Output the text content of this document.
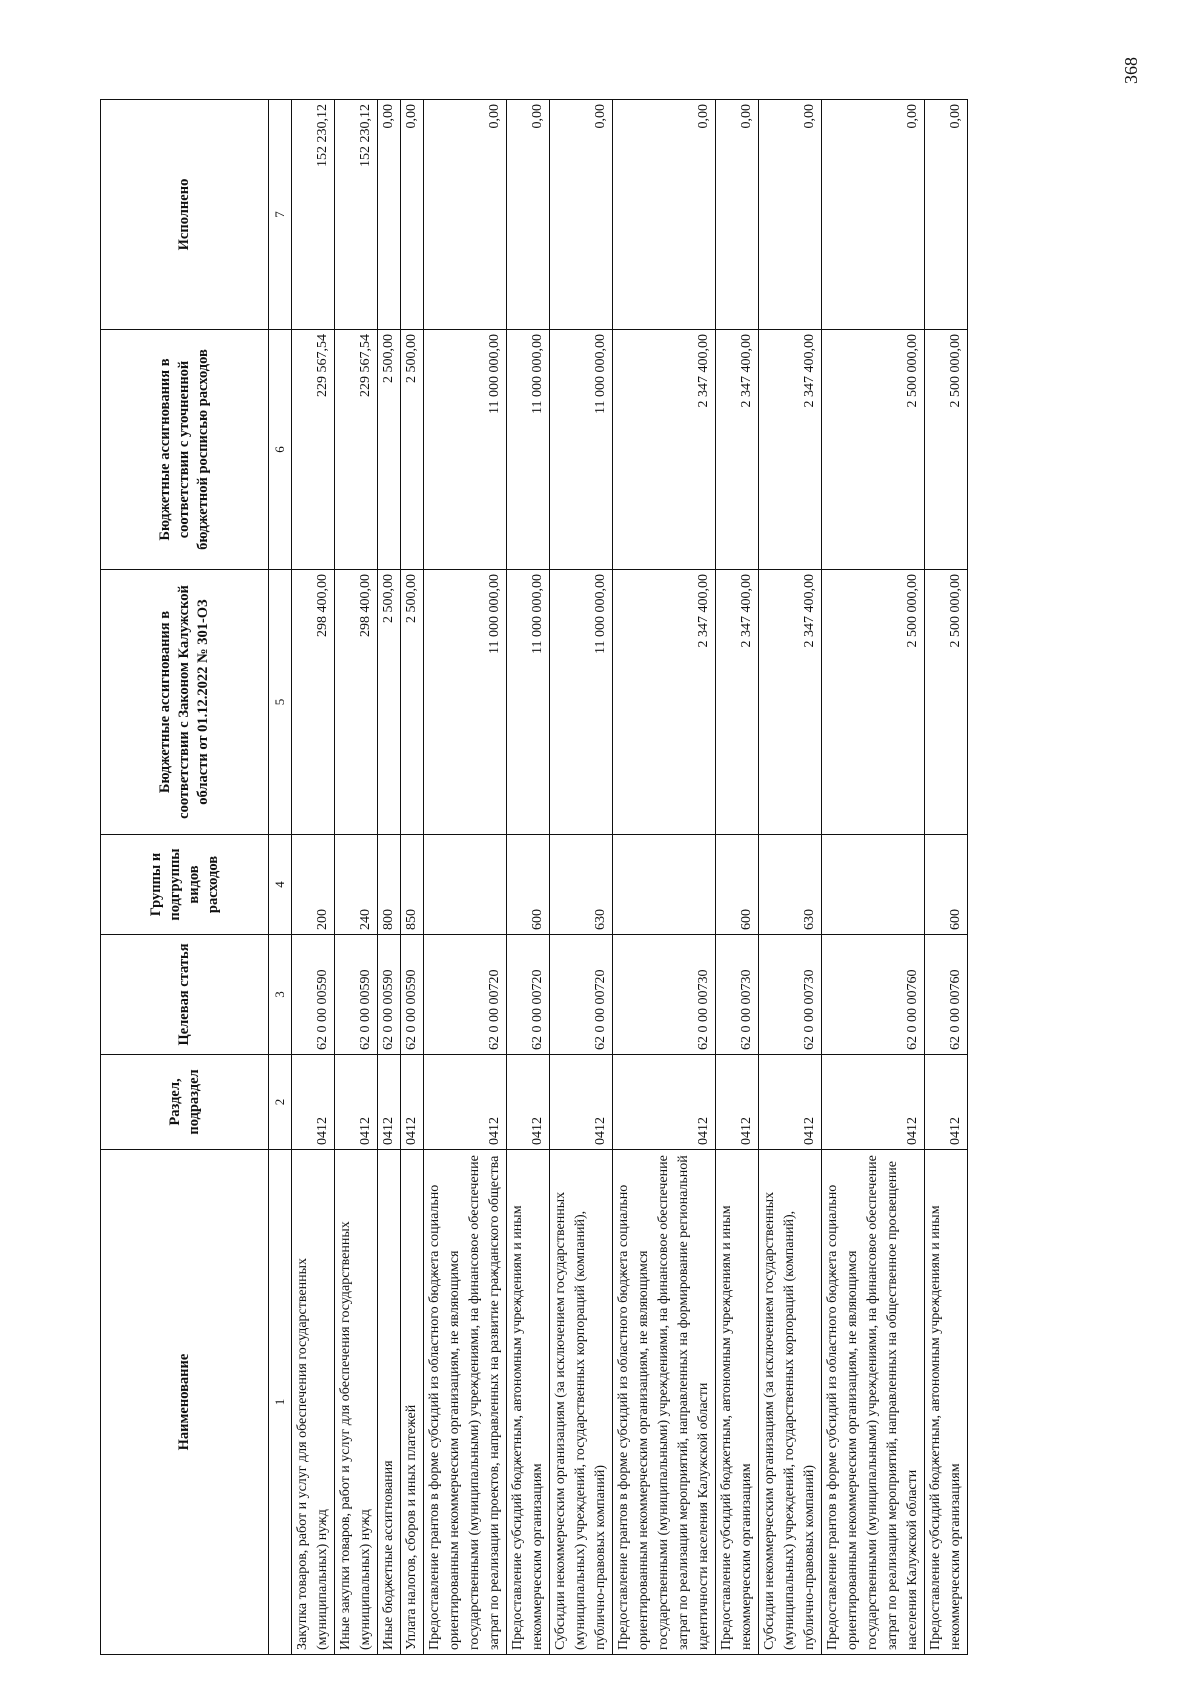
368
Наименование	Раздел, подраздел	Целевая статья	Группы и подгруппы видов расходов	Бюджетные ассигнования в соответствии с Законом Калужской области от 01.12.2022 № 301-ОЗ	Бюджетные ассигнования в соответствии с уточненной бюджетной росписью расходов	Исполнено
1	2	3	4	5	6	7
Закупка товаров, работ и услуг для обеспечения государственных (муниципальных) нужд	0412	62 0 00 00590	200	298 400,00	229 567,54	152 230,12
Иные закупки товаров, работ и услуг для обеспечения государственных (муниципальных) нужд	0412	62 0 00 00590	240	298 400,00	229 567,54	152 230,12
Иные бюджетные ассигнования	0412	62 0 00 00590	800	2 500,00	2 500,00	0,00
Уплата налогов, сборов и иных платежей	0412	62 0 00 00590	850	2 500,00	2 500,00	0,00
Предоставление грантов в форме субсидий из областного бюджета социально ориентированным некоммерческим организациям, не являющимся государственными (муниципальными) учреждениями, на финансовое обеспечение затрат по реализации проектов, направленных на развитие гражданского общества	0412	62 0 00 00720		11 000 000,00	11 000 000,00	0,00
Предоставление субсидий бюджетным, автономным учреждениям и иным некоммерческим организациям	0412	62 0 00 00720	600	11 000 000,00	11 000 000,00	0,00
Субсидии некоммерческим организациям (за исключением государственных (муниципальных) учреждений, государственных корпораций (компаний), публично-правовых компаний)	0412	62 0 00 00720	630	11 000 000,00	11 000 000,00	0,00
Предоставление грантов в форме субсидий из областного бюджета социально ориентированным некоммерческим организациям, не являющимся государственными (муниципальными) учреждениями, на финансовое обеспечение затрат по реализации мероприятий, направленных на формирование региональной идентичности населения Калужской области	0412	62 0 00 00730		2 347 400,00	2 347 400,00	0,00
Предоставление субсидий бюджетным, автономным учреждениям и иным некоммерческим организациям	0412	62 0 00 00730	600	2 347 400,00	2 347 400,00	0,00
Субсидии некоммерческим организациям (за исключением государственных (муниципальных) учреждений, государственных корпораций (компаний), публично-правовых компаний)	0412	62 0 00 00730	630	2 347 400,00	2 347 400,00	0,00
Предоставление грантов в форме субсидий из областного бюджета социально ориентированным некоммерческим организациям, не являющимся государственными (муниципальными) учреждениями, на финансовое обеспечение затрат по реализации мероприятий, направленных на общественное просвещение населения Калужской области	0412	62 0 00 00760		2 500 000,00	2 500 000,00	0,00
Предоставление субсидий бюджетным, автономным учреждениям и иным некоммерческим организациям	0412	62 0 00 00760	600	2 500 000,00	2 500 000,00	0,00
